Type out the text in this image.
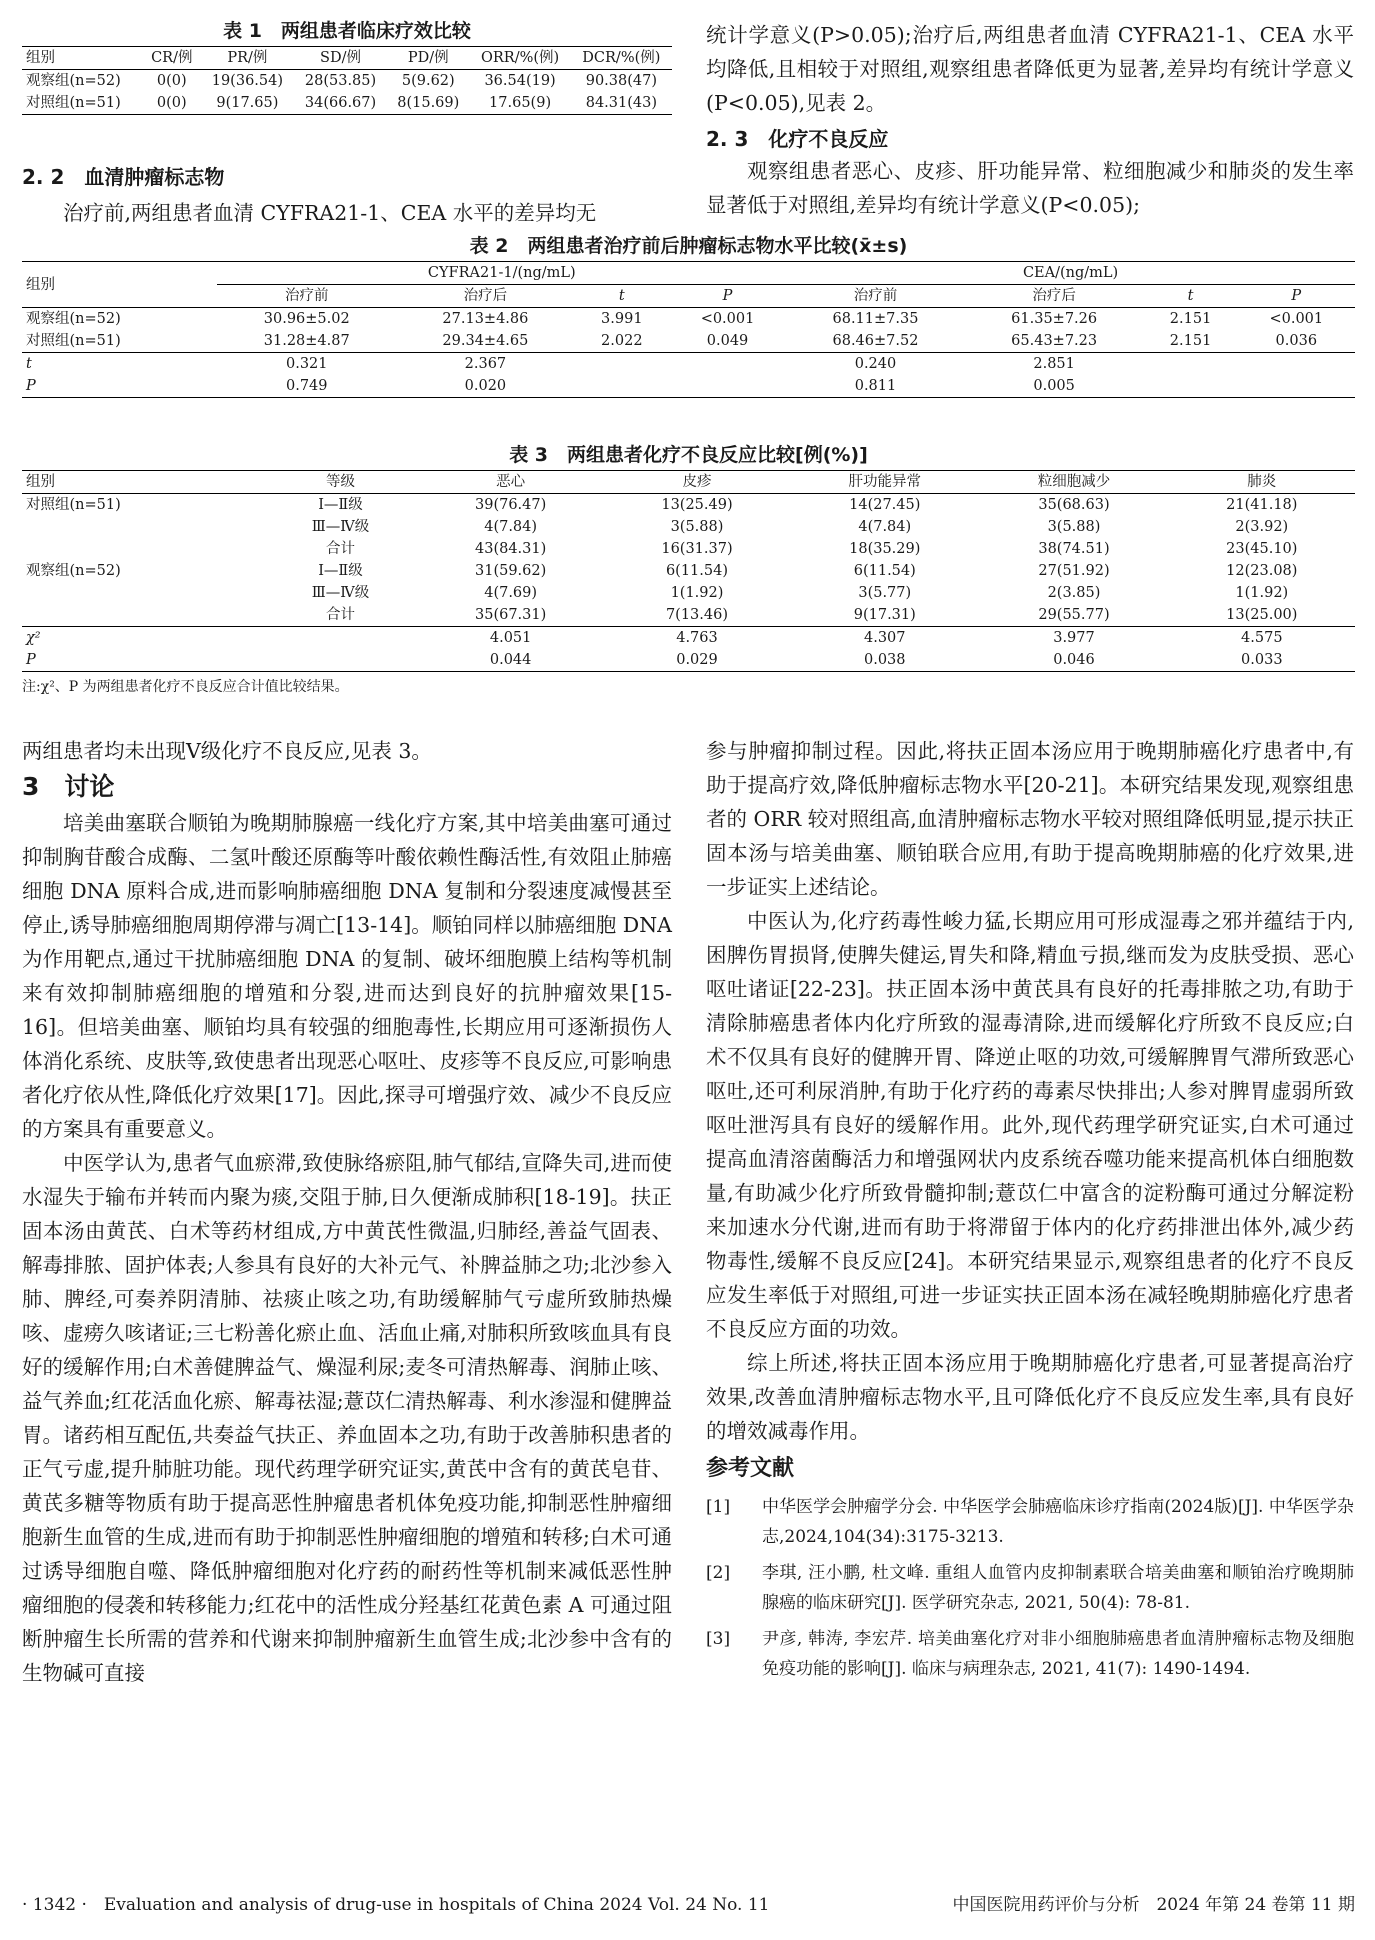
表 1　两组患者临床疗效比较
组别	CR/例	PR/例	SD/例	PD/例	ORR/%(例)	DCR/%(例)
观察组(n=52)	0(0)	19(36.54)	28(53.85)	5(9.62)	36.54(19)	90.38(47)
对照组(n=51)	0(0)	9(17.65)	34(66.67)	8(15.69)	17.65(9)	84.31(43)

2. 2　血清肿瘤标志物

治疗前,两组患者血清 CYFRA21-1、CEA 水平的差异均无

统计学意义(P>0.05);治疗后,两组患者血清 CYFRA21-1、CEA 水平均降低,且相较于对照组,观察组患者降低更为显著,差异均有统计学意义(P<0.05),见表 2。

2. 3　化疗不良反应

观察组患者恶心、皮疹、肝功能异常、粒细胞减少和肺炎的发生率显著低于对照组,差异均有统计学意义(P<0.05);

表 2　两组患者治疗前后肿瘤标志物水平比较(x̄±s)
组别	CYFRA21-1/(ng/mL)				CEA/(ng/mL)			
	治疗前	治疗后	t	P	治疗前	治疗后	t	P
观察组(n=52)	30.96±5.02	27.13±4.86	3.991	<0.001	68.11±7.35	61.35±7.26	2.151	<0.001
对照组(n=51)	31.28±4.87	29.34±4.65	2.022	0.049	68.46±7.52	65.43±7.23	2.151	0.036
t	0.321	2.367			0.240	2.851		
P	0.749	0.020			0.811	0.005		
表 3　两组患者化疗不良反应比较[例(%)]
组别	等级	恶心	皮疹	肝功能异常	粒细胞减少	肺炎
对照组(n=51)	Ⅰ—Ⅱ级	39(76.47)	13(25.49)	14(27.45)	35(68.63)	21(41.18)
	Ⅲ—Ⅳ级	4(7.84)	3(5.88)	4(7.84)	3(5.88)	2(3.92)
	合计	43(84.31)	16(31.37)	18(35.29)	38(74.51)	23(45.10)
观察组(n=52)	Ⅰ—Ⅱ级	31(59.62)	6(11.54)	6(11.54)	27(51.92)	12(23.08)
	Ⅲ—Ⅳ级	4(7.69)	1(1.92)	3(5.77)	2(3.85)	1(1.92)
	合计	35(67.31)	7(13.46)	9(17.31)	29(55.77)	13(25.00)
χ²		4.051	4.763	4.307	3.977	4.575
P		0.044	0.029	0.038	0.046	0.033
注:χ²、P 为两组患者化疗不良反应合计值比较结果。

两组患者均未出现Ⅴ级化疗不良反应,见表 3。

3　讨论

培美曲塞联合顺铂为晚期肺腺癌一线化疗方案,其中培美曲塞可通过抑制胸苷酸合成酶、二氢叶酸还原酶等叶酸依赖性酶活性,有效阻止肺癌细胞 DNA 原料合成,进而影响肺癌细胞 DNA 复制和分裂速度减慢甚至停止,诱导肺癌细胞周期停滞与凋亡[13-14]。顺铂同样以肺癌细胞 DNA 为作用靶点,通过干扰肺癌细胞 DNA 的复制、破坏细胞膜上结构等机制来有效抑制肺癌细胞的增殖和分裂,进而达到良好的抗肿瘤效果[15-16]。但培美曲塞、顺铂均具有较强的细胞毒性,长期应用可逐渐损伤人体消化系统、皮肤等,致使患者出现恶心呕吐、皮疹等不良反应,可影响患者化疗依从性,降低化疗效果[17]。因此,探寻可增强疗效、减少不良反应的方案具有重要意义。

中医学认为,患者气血瘀滞,致使脉络瘀阻,肺气郁结,宣降失司,进而使水湿失于输布并转而内聚为痰,交阻于肺,日久便渐成肺积[18-19]。扶正固本汤由黄芪、白术等药材组成,方中黄芪性微温,归肺经,善益气固表、解毒排脓、固护体表;人参具有良好的大补元气、补脾益肺之功;北沙参入肺、脾经,可奏养阴清肺、祛痰止咳之功,有助缓解肺气亏虚所致肺热燥咳、虚痨久咳诸证;三七粉善化瘀止血、活血止痛,对肺积所致咳血具有良好的缓解作用;白术善健脾益气、燥湿利尿;麦冬可清热解毒、润肺止咳、益气养血;红花活血化瘀、解毒祛湿;薏苡仁清热解毒、利水渗湿和健脾益胃。诸药相互配伍,共奏益气扶正、养血固本之功,有助于改善肺积患者的正气亏虚,提升肺脏功能。现代药理学研究证实,黄芪中含有的黄芪皂苷、黄芪多糖等物质有助于提高恶性肿瘤患者机体免疫功能,抑制恶性肿瘤细胞新生血管的生成,进而有助于抑制恶性肿瘤细胞的增殖和转移;白术可通过诱导细胞自噬、降低肿瘤细胞对化疗药的耐药性等机制来减低恶性肿瘤细胞的侵袭和转移能力;红花中的活性成分羟基红花黄色素 A 可通过阻断肿瘤生长所需的营养和代谢来抑制肿瘤新生血管生成;北沙参中含有的生物碱可直接

参与肿瘤抑制过程。因此,将扶正固本汤应用于晚期肺癌化疗患者中,有助于提高疗效,降低肿瘤标志物水平[20-21]。本研究结果发现,观察组患者的 ORR 较对照组高,血清肿瘤标志物水平较对照组降低明显,提示扶正固本汤与培美曲塞、顺铂联合应用,有助于提高晚期肺癌的化疗效果,进一步证实上述结论。

中医认为,化疗药毒性峻力猛,长期应用可形成湿毒之邪并蕴结于内,困脾伤胃损肾,使脾失健运,胃失和降,精血亏损,继而发为皮肤受损、恶心呕吐诸证[22-23]。扶正固本汤中黄芪具有良好的托毒排脓之功,有助于清除肺癌患者体内化疗所致的湿毒清除,进而缓解化疗所致不良反应;白术不仅具有良好的健脾开胃、降逆止呕的功效,可缓解脾胃气滞所致恶心呕吐,还可利尿消肿,有助于化疗药的毒素尽快排出;人参对脾胃虚弱所致呕吐泄泻具有良好的缓解作用。此外,现代药理学研究证实,白术可通过提高血清溶菌酶活力和增强网状内皮系统吞噬功能来提高机体白细胞数量,有助减少化疗所致骨髓抑制;薏苡仁中富含的淀粉酶可通过分解淀粉来加速水分代谢,进而有助于将滞留于体内的化疗药排泄出体外,减少药物毒性,缓解不良反应[24]。本研究结果显示,观察组患者的化疗不良反应发生率低于对照组,可进一步证实扶正固本汤在减轻晚期肺癌化疗患者不良反应方面的功效。

综上所述,将扶正固本汤应用于晚期肺癌化疗患者,可显著提高治疗效果,改善血清肿瘤标志物水平,且可降低化疗不良反应发生率,具有良好的增效减毒作用。

参考文献

[1]	中华医学会肿瘤学分会. 中华医学会肺癌临床诊疗指南(2024版)[J]. 中华医学杂志,2024,104(34):3175-3213.
[2]	李琪, 汪小鹏, 杜文峰. 重组人血管内皮抑制素联合培美曲塞和顺铂治疗晚期肺腺癌的临床研究[J]. 医学研究杂志, 2021, 50(4): 78-81.
[3]	尹彦, 韩涛, 李宏芹. 培美曲塞化疗对非小细胞肺癌患者血清肿瘤标志物及细胞免疫功能的影响[J]. 临床与病理杂志, 2021, 41(7): 1490-1494.
· 1342 ·　Evaluation and analysis of drug-use in hospitals of China 2024 Vol. 24 No. 11	中国医院用药评价与分析　2024 年第 24 卷第 11 期
